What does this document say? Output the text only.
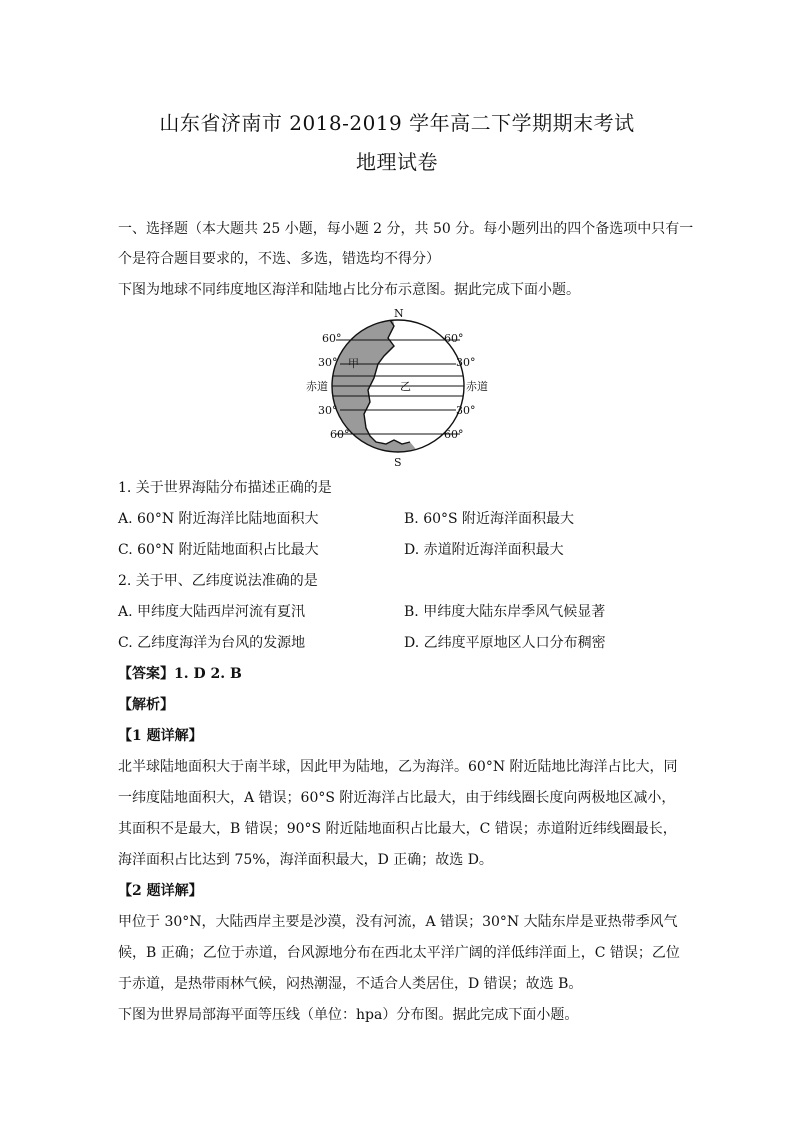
山东省济南市 2018-2019 学年高二下学期期末考试
地理试卷
一、选择题（本大题共 25 小题，每小题 2 分，共 50 分。每小题列出的四个备选项中只有一
个是符合题目要求的，不选、多选，错选均不得分）
下图为地球不同纬度地区海洋和陆地占比分布示意图。据此完成下面小题。
N
S
60°	60°
30°	30°
赤道	赤道
30°	30°
60°	60°
甲
乙
1. 关于世界海陆分布描述正确的是
A. 60°N 附近海洋比陆地面积大	B. 60°S 附近海洋面积最大
C. 60°N 附近陆地面积占比最大	D. 赤道附近海洋面积最大
2. 关于甲、乙纬度说法准确的是
A. 甲纬度大陆西岸河流有夏汛	B. 甲纬度大陆东岸季风气候显著
C. 乙纬度海洋为台风的发源地	D. 乙纬度平原地区人口分布稠密
【答案】1. D 2. B
【解析】
【1 题详解】
北半球陆地面积大于南半球，因此甲为陆地，乙为海洋。60°N 附近陆地比海洋占比大，同
一纬度陆地面积大，A 错误；60°S 附近海洋占比最大，由于纬线圈长度向两极地区减小，
其面积不是最大，B 错误；90°S 附近陆地面积占比最大，C 错误；赤道附近纬线圈最长，
海洋面积占比达到 75%，海洋面积最大，D 正确；故选 D。
【2 题详解】
甲位于 30°N，大陆西岸主要是沙漠，没有河流，A 错误；30°N 大陆东岸是亚热带季风气
候，B 正确；乙位于赤道，台风源地分布在西北太平洋广阔的洋低纬洋面上，C 错误；乙位
于赤道，是热带雨林气候，闷热潮湿，不适合人类居住，D 错误；故选 B。
下图为世界局部海平面等压线（单位：hpa）分布图。据此完成下面小题。
